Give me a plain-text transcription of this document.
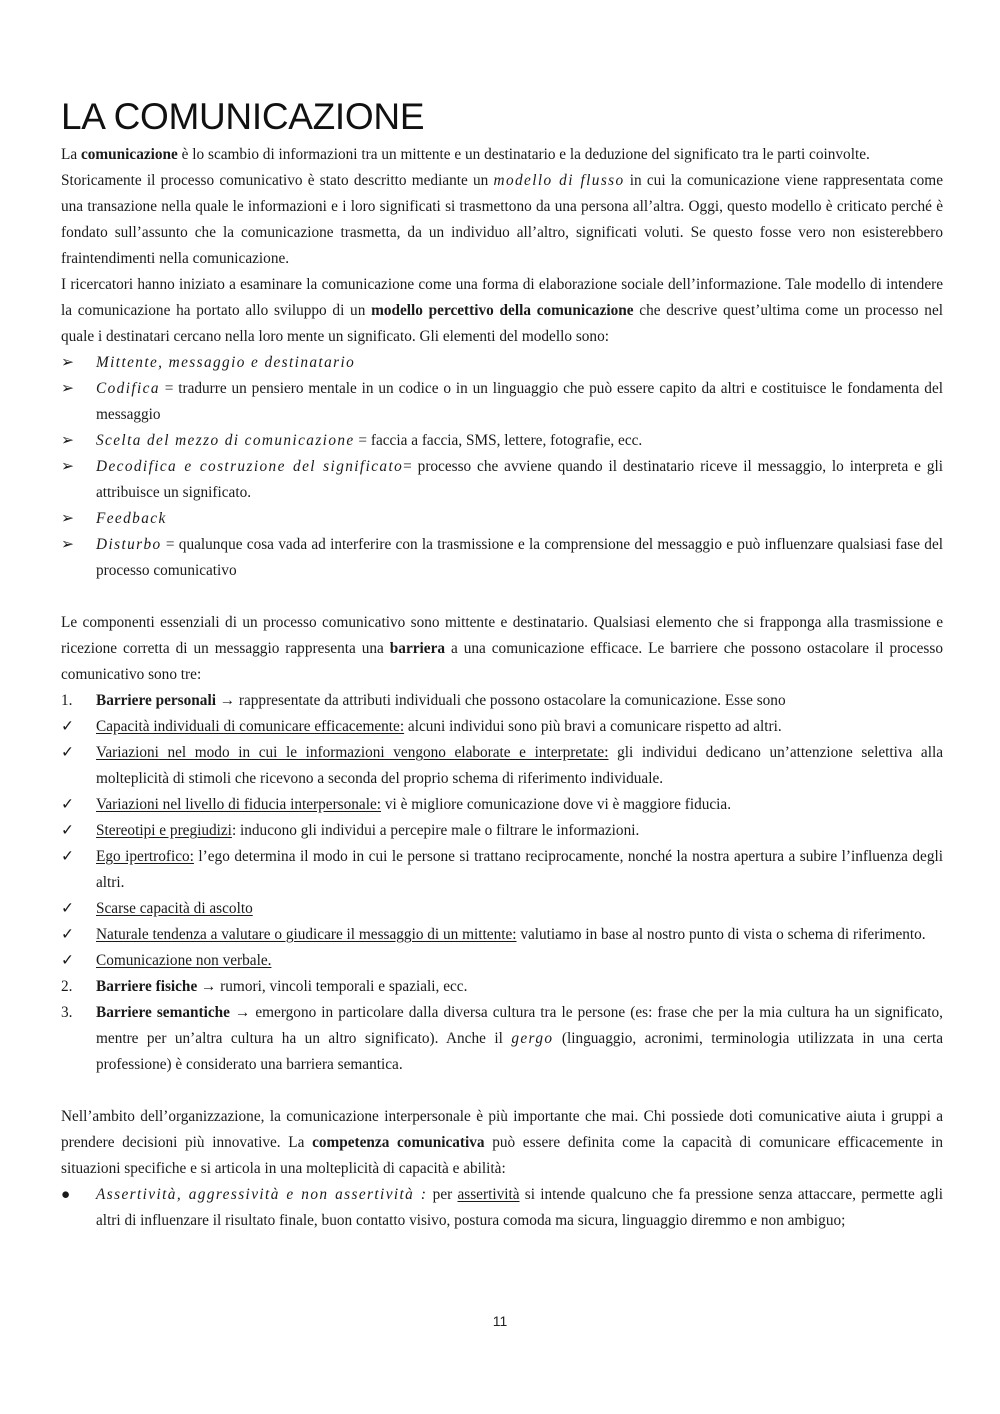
LA COMUNICAZIONE

La comunicazione è lo scambio di informazioni tra un mittente e un destinatario e la deduzione del significato tra le parti coinvolte.

Storicamente il processo comunicativo è stato descritto mediante un modello di flusso in cui la comunicazione viene rappresentata come una transazione nella quale le informazioni e i loro significati si trasmettono da una persona all’altra. Oggi, questo modello è criticato perché è fondato sull’assunto che la comunicazione trasmetta, da un individuo all’altro, significati voluti. Se questo fosse vero non esisterebbero fraintendimenti nella comunicazione.

I ricercatori hanno iniziato a esaminare la comunicazione come una forma di elaborazione sociale dell’informazione. Tale modello di intendere la comunicazione ha portato allo sviluppo di un modello percettivo della comunicazione che descrive quest’ultima come un processo nel quale i destinatari cercano nella loro mente un significato. Gli elementi del modello sono:

➢	Mittente, messaggio e destinatario
➢	Codifica = tradurre un pensiero mentale in un codice o in un linguaggio che può essere capito da altri e costituisce le fondamenta del messaggio
➢	Scelta del mezzo di comunicazione = faccia a faccia, SMS, lettere, fotografie, ecc.
➢	Decodifica e costruzione del significato= processo che avviene quando il destinatario riceve il messaggio, lo interpreta e gli attribuisce un significato.
➢	Feedback
➢	Disturbo = qualunque cosa vada ad interferire con la trasmissione e la comprensione del messaggio e può influenzare qualsiasi fase del processo comunicativo

Le componenti essenziali di un processo comunicativo sono mittente e destinatario. Qualsiasi elemento che si frapponga alla trasmissione e ricezione corretta di un messaggio rappresenta una barriera a una comunicazione efficace. Le barriere che possono ostacolare il processo comunicativo sono tre:

1.	Barriere personali → rappresentate da attributi individuali che possono ostacolare la comunicazione. Esse sono
✓	Capacità individuali di comunicare efficacemente: alcuni individui sono più bravi a comunicare rispetto ad altri.
✓	Variazioni nel modo in cui le informazioni vengono elaborate e interpretate: gli individui dedicano un’attenzione selettiva alla molteplicità di stimoli che ricevono a seconda del proprio schema di riferimento individuale.
✓	Variazioni nel livello di fiducia interpersonale: vi è migliore comunicazione dove vi è maggiore fiducia.
✓	Stereotipi e pregiudizi: inducono gli individui a percepire male o filtrare le informazioni.
✓	Ego ipertrofico: l’ego determina il modo in cui le persone si trattano reciprocamente, nonché la nostra apertura a subire l’influenza degli altri.
✓	Scarse capacità di ascolto
✓	Naturale tendenza a valutare o giudicare il messaggio di un mittente: valutiamo in base al nostro punto di vista o schema di riferimento.
✓	Comunicazione non verbale.
2.	Barriere fisiche → rumori, vincoli temporali e spaziali, ecc.
3.	Barriere semantiche → emergono in particolare dalla diversa cultura tra le persone (es: frase che per la mia cultura ha un significato, mentre per un’altra cultura ha un altro significato). Anche il gergo (linguaggio, acronimi, terminologia utilizzata in una certa professione) è considerato una barriera semantica.

Nell’ambito dell’organizzazione, la comunicazione interpersonale è più importante che mai. Chi possiede doti comunicative aiuta i gruppi a prendere decisioni più innovative. La competenza comunicativa può essere definita come la capacità di comunicare efficacemente in situazioni specifiche e si articola in una molteplicità di capacità e abilità:

●	Assertività, aggressività e non assertività : per assertività si intende qualcuno che fa pressione senza attaccare, permette agli altri di influenzare il risultato finale, buon contatto visivo, postura comoda ma sicura, linguaggio diremmo e non ambiguo;
11
